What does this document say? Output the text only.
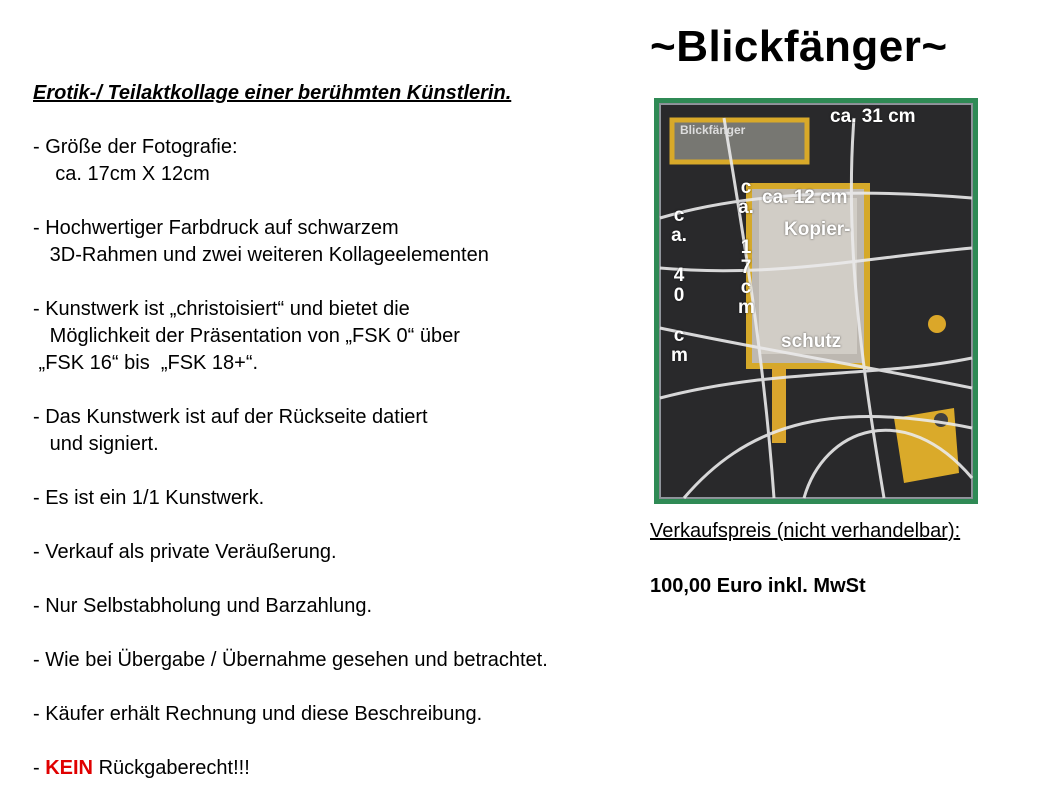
~Blickfänger~
Erotik-/ Teilaktkollage einer berühmten Künstlerin.
- Größe der Fotografie:
ca. 17cm X 12cm
- Hochwertiger Farbdruck auf schwarzem
3D-Rahmen und zwei weiteren Kollageelementen
- Kunstwerk ist „christoisiert“ und bietet die
Möglichkeit der Präsentation von „FSK 0“ über
„FSK 16“ bis  „FSK 18+“.
- Das Kunstwerk ist auf der Rückseite datiert
und signiert.
- Es ist ein 1/1 Kunstwerk.
- Verkauf als private Veräußerung.
- Nur Selbstabholung und Barzahlung.
- Wie bei Übergabe / Übernahme gesehen und betrachtet.
- Käufer erhält Rechnung und diese Beschreibung.
- KEIN Rückgaberecht!!!
Blickfänger
ca. 31 cm
ca. 12 cm
Kopier-
schutz
c
a.

4
0

c
m
c
a.

1
7
c
m
Verkaufspreis (nicht verhandelbar):
100,00 Euro inkl. MwSt
